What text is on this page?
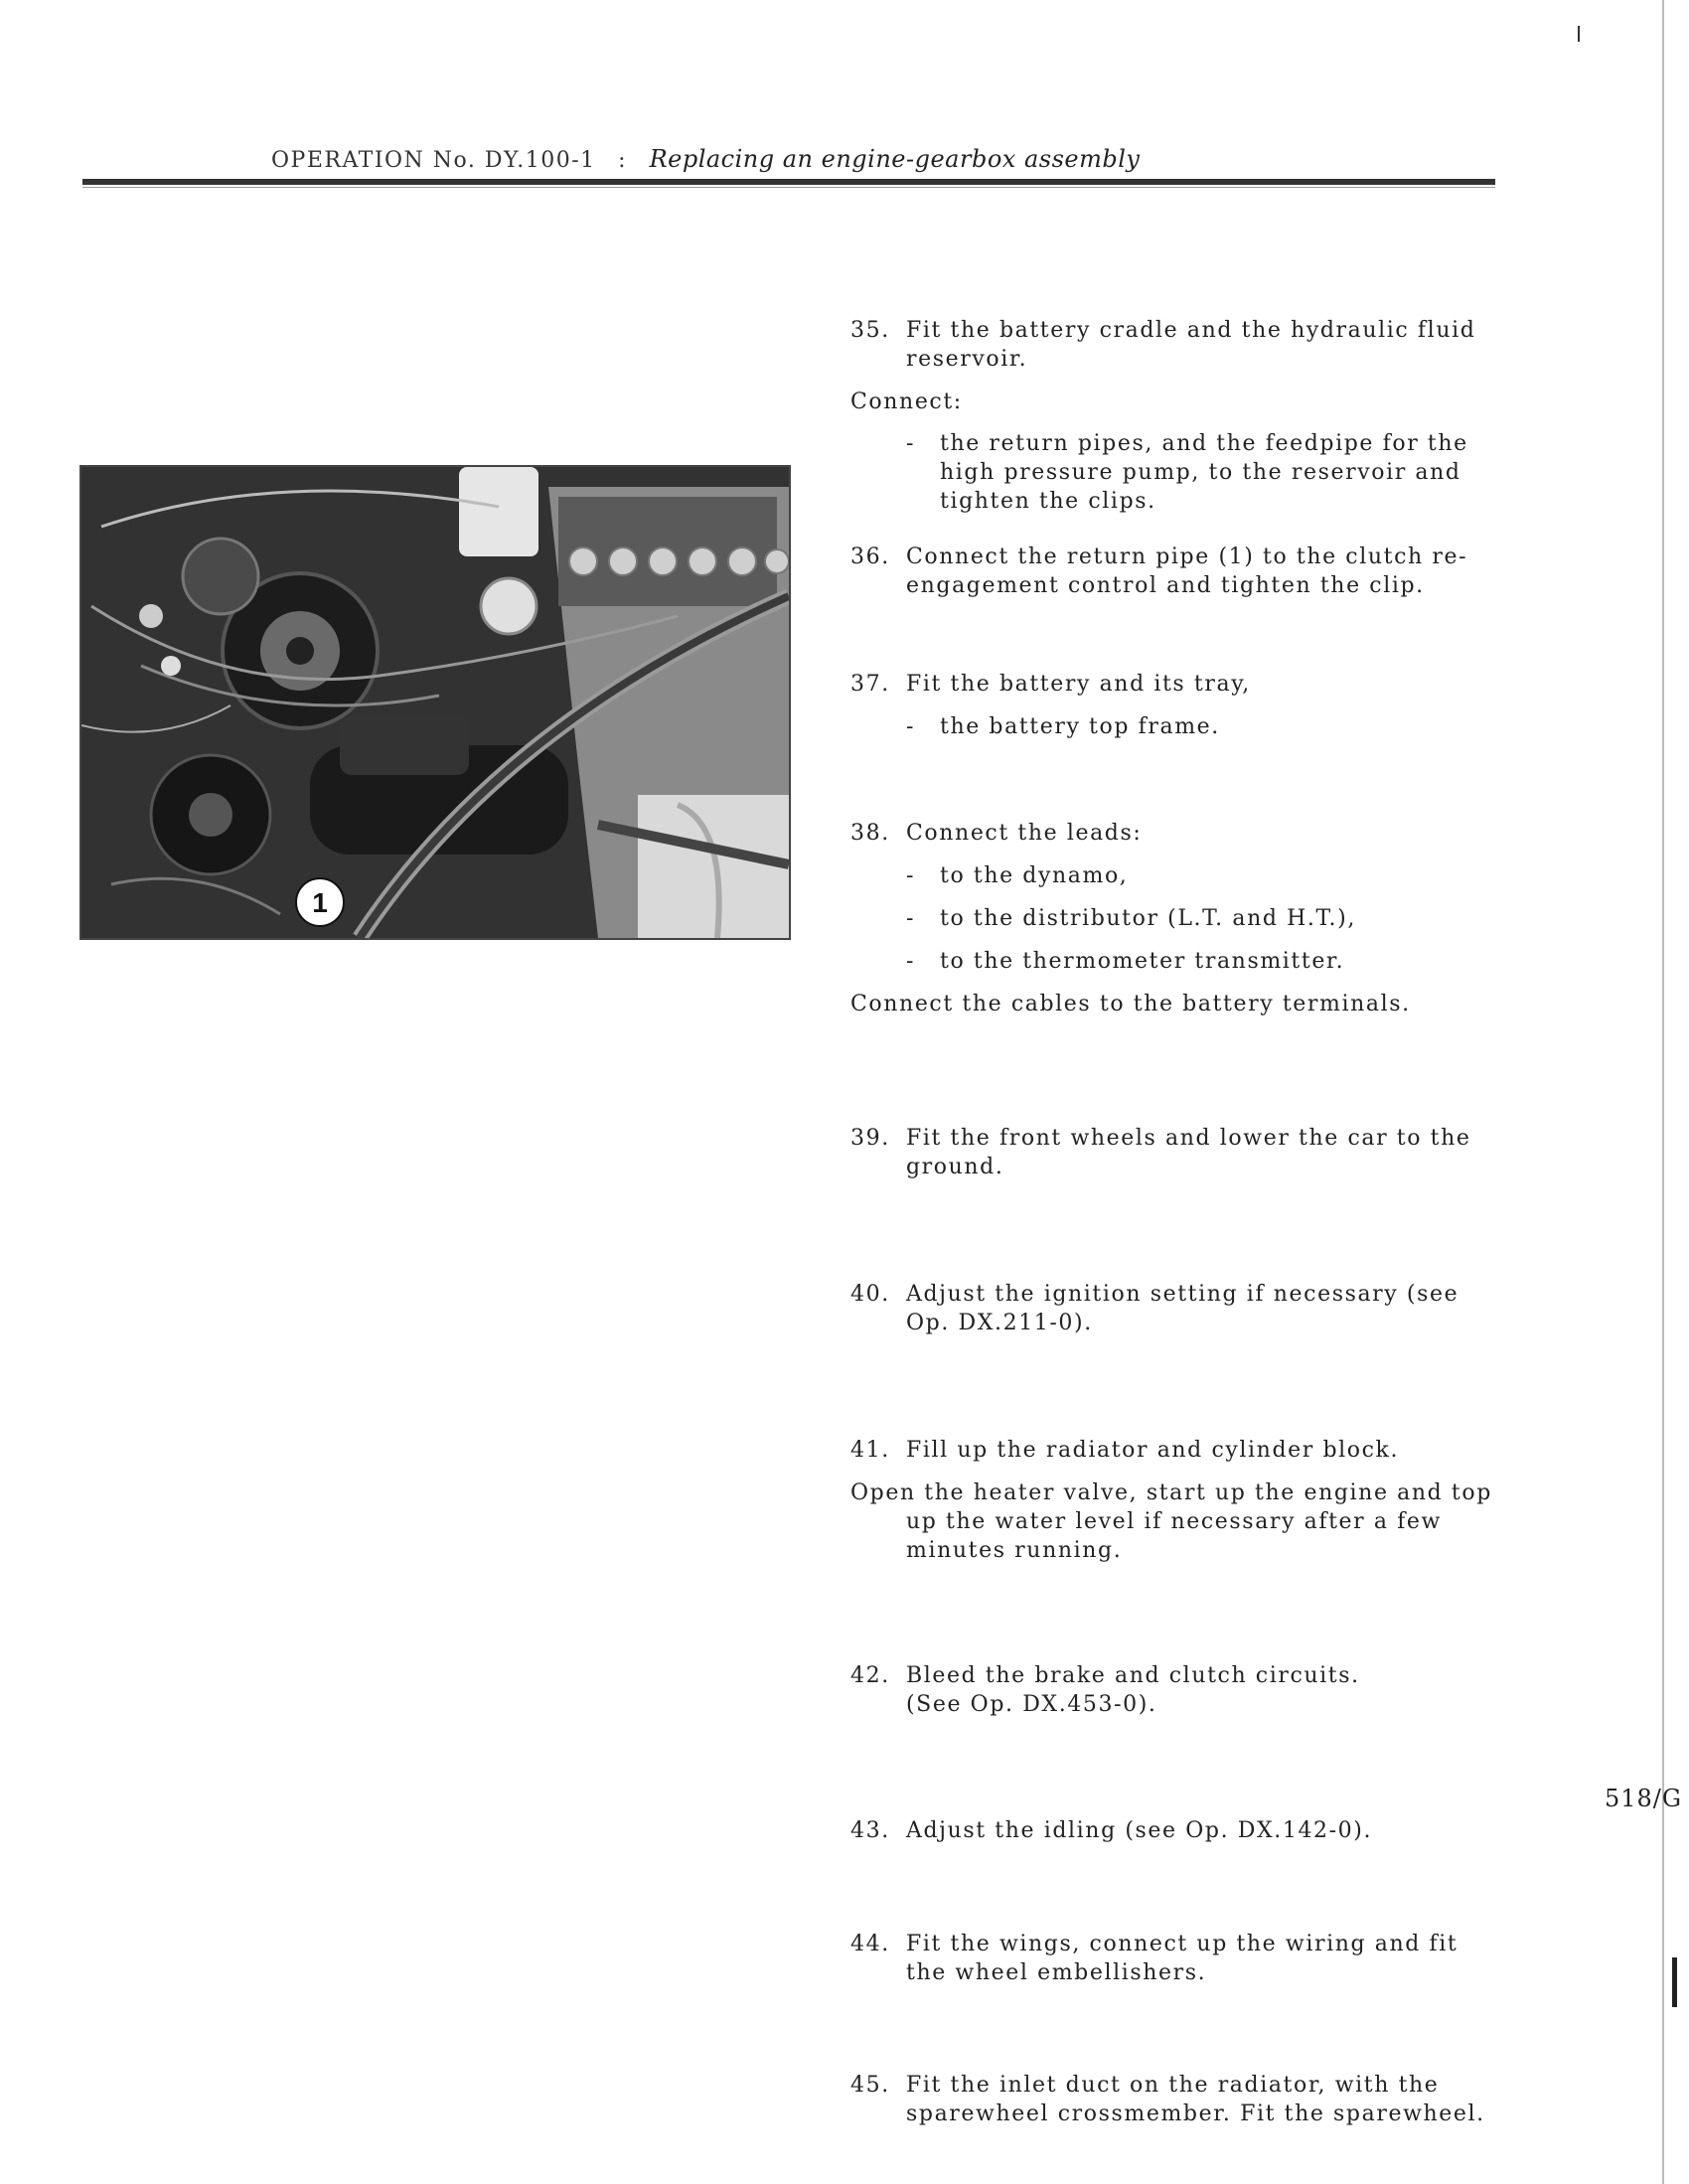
OPERATION No. DY.100-1 : Replacing an engine-gearbox assembly
1
35. Fit the battery cradle and the hydraulic fluid
reservoir.
Connect:
-	the return pipes, and the feedpipe for the
high pressure pump, to the reservoir and
tighten the clips.
36. Connect the return pipe (1) to the clutch re-
engagement control and tighten the clip.
37. Fit the battery and its tray,
-	the battery top frame.
38. Connect the leads:
-	to the dynamo,
-	to the distributor (L.T. and H.T.),
-	to the thermometer transmitter.
Connect the cables to the battery terminals.
39. Fit the front wheels and lower the car to the
ground.
40. Adjust the ignition setting if necessary (see
Op. DX.211-0).
41. Fill up the radiator and cylinder block.
Open the heater valve, start up the engine and top
up the water level if necessary after a few
minutes running.
42. Bleed the brake and clutch circuits.
(See Op. DX.453-0).
43. Adjust the idling (see Op. DX.142-0).
44. Fit the wings, connect up the wiring and fit
the wheel embellishers.
45. Fit the inlet duct on the radiator, with the
sparewheel crossmember. Fit the sparewheel.
518/G
